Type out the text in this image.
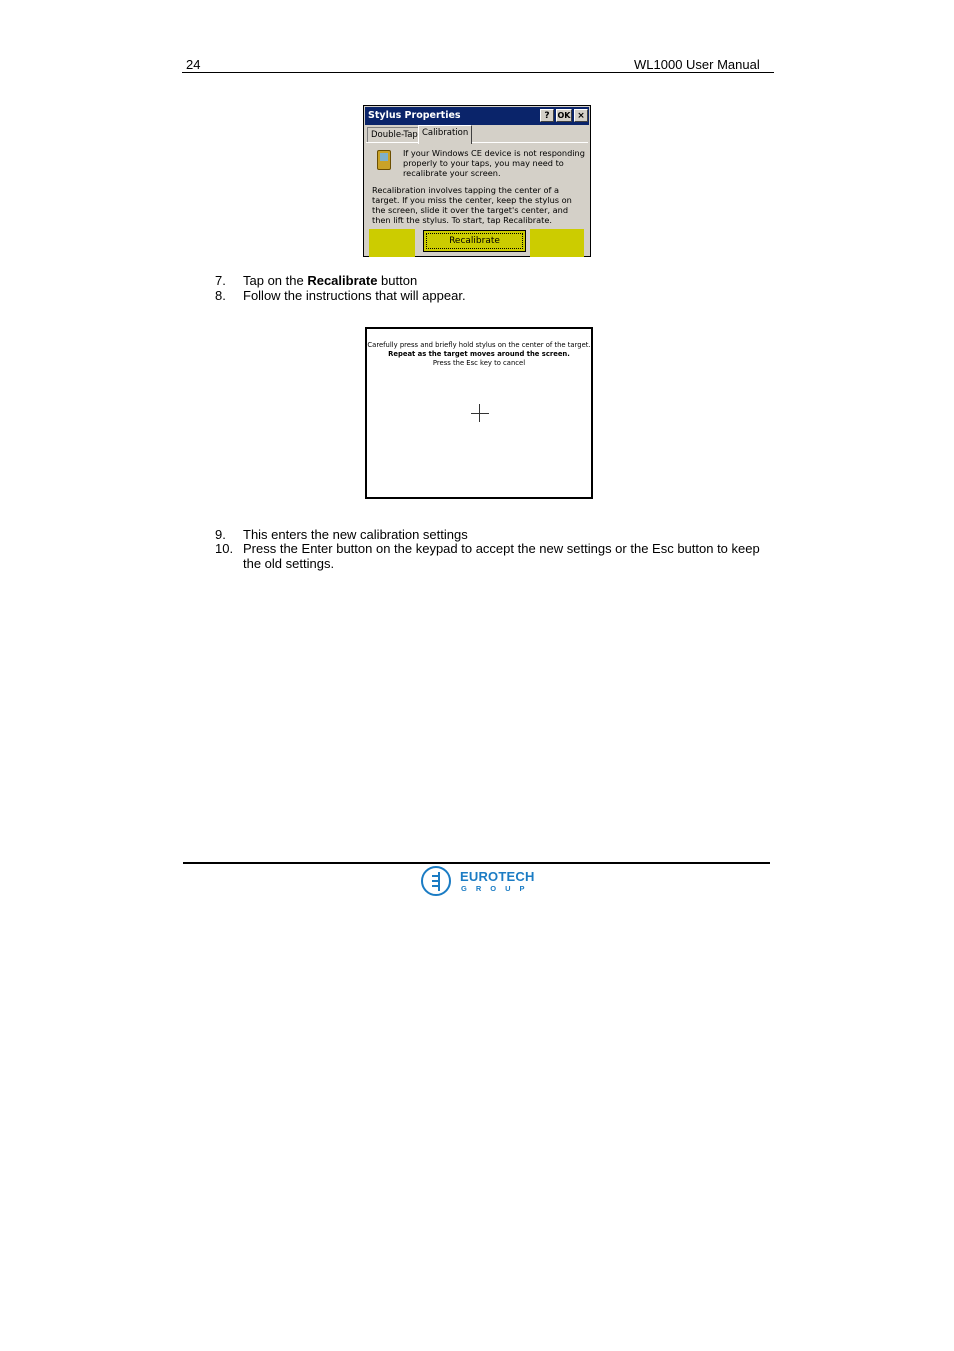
24	WL1000 User Manual
Stylus Properties	? OK ×
Double-Tap Calibration
If your Windows CE device is not responding
properly to your taps, you may need to
recalibrate your screen.
Recalibration involves tapping the center of a
target. If you miss the center, keep the stylus on
the screen, slide it over the target's center, and
then lift the stylus. To start, tap Recalibrate.
Recalibrate
7. Tap on the Recalibrate button
8. Follow the instructions that will appear.
Carefully press and briefly hold stylus on the center of the target.
Repeat as the target moves around the screen.
Press the Esc key to cancel
9. This enters the new calibration settings
10. Press the Enter button on the keypad to accept the new settings or the Esc button to keep
the old settings.
EUROTECH
GROUP
